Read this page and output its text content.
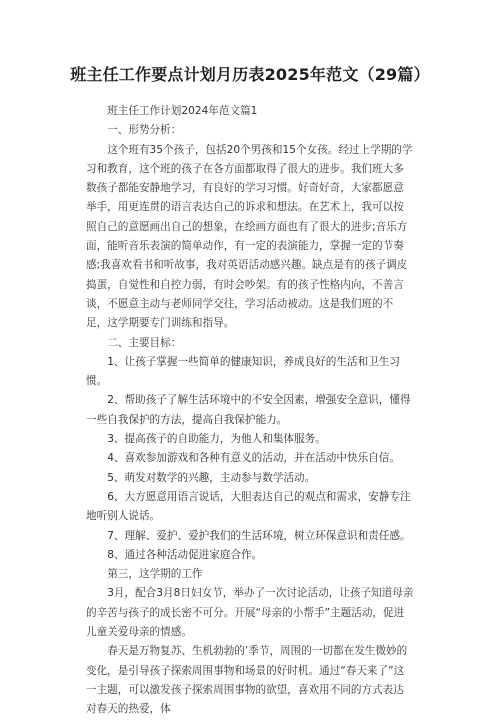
班主任工作要点计划月历表2025年范文（29篇）

班主任工作计划2024年范文篇1

一、形势分析：

这个班有35个孩子，包括20个男孩和15个女孩。经过上学期的学习和教育，这个班的孩子在各方面都取得了很大的进步。我们班大多数孩子都能安静地学习，有良好的学习习惯。好奇好奇，大家都愿意举手，用更连贯的语言表达自己的诉求和想法。在艺术上，我可以按照自己的意愿画出自己的想象，在绘画方面也有了很大的进步;音乐方面，能听音乐表演的简单动作，有一定的表演能力，掌握一定的节奏感;我喜欢看书和听故事，我对英语活动感兴趣。缺点是有的孩子调皮捣蛋，自觉性和自控力弱，有时会吵架。有的孩子性格内向，不善言谈，不愿意主动与老师同学交往，学习活动被动。这是我们班的不足，这学期要专门训练和指导。

二、主要目标：

1、让孩子掌握一些简单的健康知识，养成良好的生活和卫生习惯。

2、帮助孩子了解生活环境中的不安全因素，增强安全意识，懂得一些自我保护的方法，提高自我保护能力。

3、提高孩子的自助能力，为他人和集体服务。

4、喜欢参加游戏和各种有意义的活动，并在活动中快乐自信。

5、萌发对数学的兴趣，主动参与数学活动。

6、大方愿意用语言说话，大胆表达自己的观点和需求，安静专注地听别人说话。

7、理解、爱护、爱护我们的生活环境，树立环保意识和责任感。

8、通过各种活动促进家庭合作。

第三，这学期的工作

3月，配合3月8日妇女节，举办了一次讨论活动，让孩子知道母亲的辛苦与孩子的成长密不可分。开展“母亲的小帮手”主题活动，促进儿童关爱母亲的情感。

春天是万物复苏、生机勃勃的’季节，周围的一切都在发生微妙的变化，是引导孩子探索周围事物和场景的好时机。通过“春天来了”这一主题，可以激发孩子探索周围事物的欲望，喜欢用不同的方式表达对春天的热爱，体
